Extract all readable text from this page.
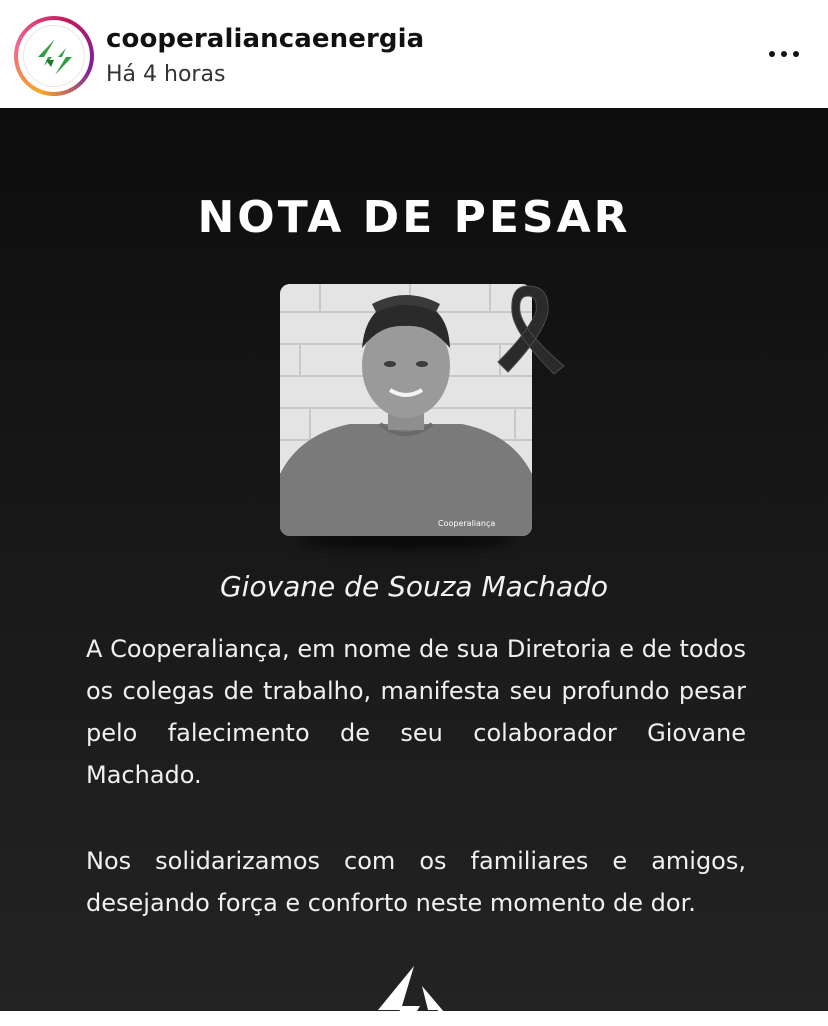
cooperaliancaenergia
Há 4 horas
NOTA DE PESAR
Cooperaliança
Giovane de Souza Machado
A Cooperaliança, em nome de sua Diretoria e de todos os colegas de trabalho, manifesta seu profundo pesar pelo falecimento de seu colaborador Giovane Machado.
Nos solidarizamos com os familiares e amigos, desejando força e conforto neste momento de dor.
